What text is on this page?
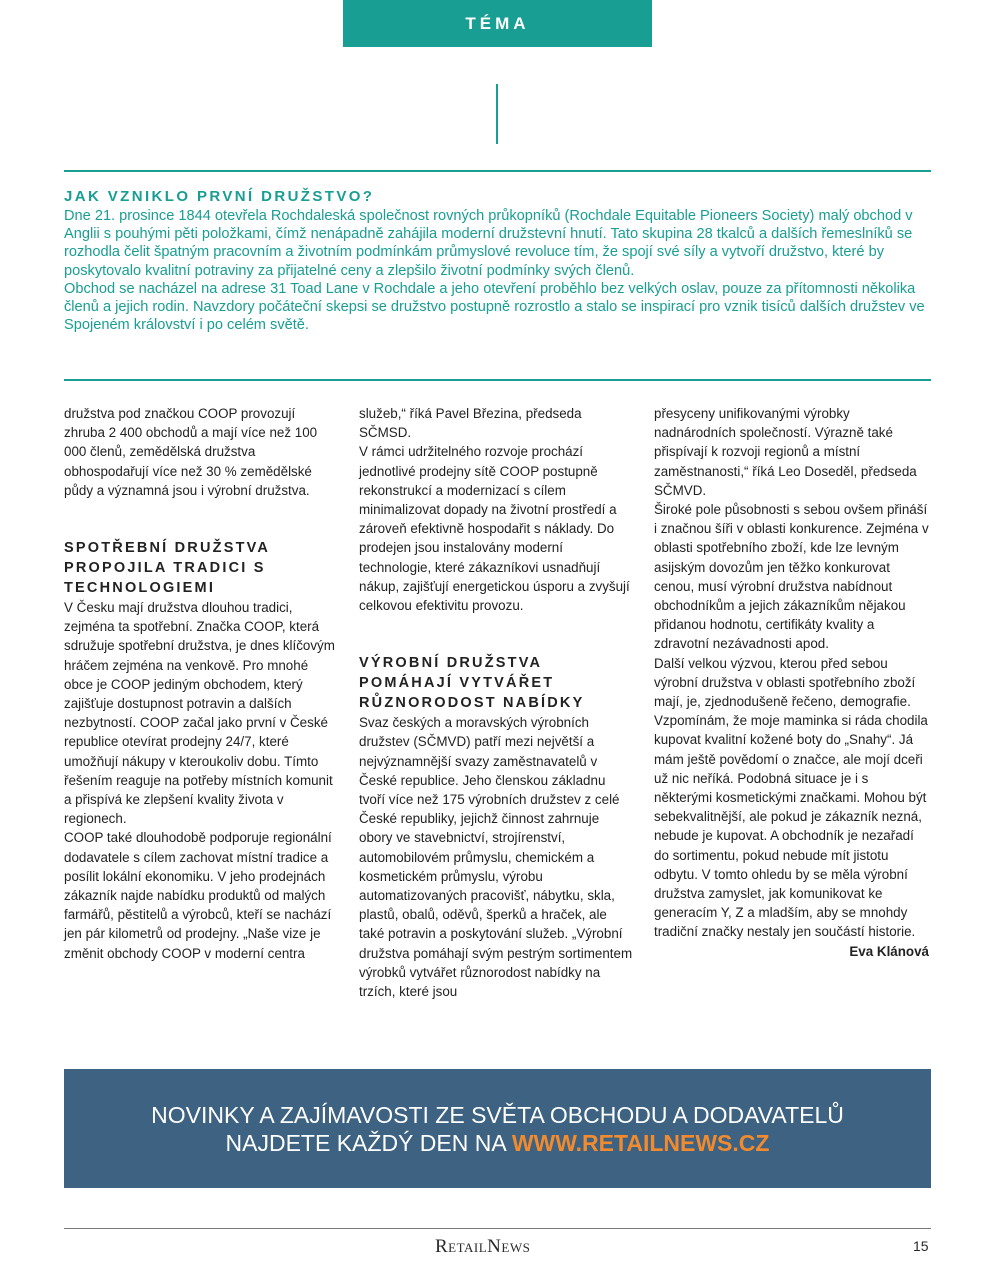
TÉMA
JAK VZNIKLO PRVNÍ DRUŽSTVO?

Dne 21. prosince 1844 otevřela Rochdaleská společnost rovných průkopníků (Rochdale Equitable Pioneers Society) malý obchod v Anglii s pouhými pěti položkami, čímž nenápadně zahájila moderní družstevní hnutí. Tato skupina 28 tkalců a dalších řemeslníků se rozhodla čelit špatným pracovním a životním podmínkám průmyslové revoluce tím, že spojí své síly a vytvoří družstvo, které by poskytovalo kvalitní potraviny za přijatelné ceny a zlepšilo životní podmínky svých členů.

Obchod se nacházel na adrese 31 Toad Lane v Rochdale a jeho otevření proběhlo bez velkých oslav, pouze za přítomnosti několika členů a jejich rodin. Navzdory počáteční skepsi se družstvo postupně rozrostlo a stalo se inspirací pro vznik tisíců dalších družstev ve Spojeném království i po celém světě.

družstva pod značkou COOP provozují zhruba 2 400 obchodů a mají více než 100 000 členů, zemědělská družstva obhospodařují více než 30 % zemědělské půdy a významná jsou i výrobní družstva.

SPOTŘEBNÍ DRUŽSTVA PROPOJILA TRADICI S TECHNOLOGIEMI

V Česku mají družstva dlouhou tradici, zejména ta spotřební. Značka COOP, která sdružuje spotřební družstva, je dnes klíčovým hráčem zejména na venkově. Pro mnohé obce je COOP jediným obchodem, který zajišťuje dostupnost potravin a dalších nezbytností. COOP začal jako první v České republice otevírat prodejny 24/7, které umožňují nákupy v kteroukoliv dobu. Tímto řešením reaguje na potřeby místních komunit a přispívá ke zlepšení kvality života v regionech.

COOP také dlouhodobě podporuje regionální dodavatele s cílem zachovat místní tradice a posílit lokální ekonomiku. V jeho prodejnách zákazník najde nabídku produktů od malých farmářů, pěstitelů a výrobců, kteří se nachází jen pár kilometrů od prodejny. „Naše vize je změnit obchody COOP v moderní centra

služeb,“ říká Pavel Březina, předseda SČMSD.

V rámci udržitelného rozvoje prochází jednotlivé prodejny sítě COOP postupně rekonstrukcí a modernizací s cílem minimalizovat dopady na životní prostředí a zároveň efektivně hospodařit s náklady. Do prodejen jsou instalovány moderní technologie, které zákazníkovi usnadňují nákup, zajišťují energetickou úsporu a zvyšují celkovou efektivitu provozu.

VÝROBNÍ DRUŽSTVA POMÁHAJÍ VYTVÁŘET RŮZNORODOST NABÍDKY

Svaz českých a moravských výrobních družstev (SČMVD) patří mezi největší a nejvýznamnější svazy zaměstnavatelů v České republice. Jeho členskou základnu tvoří více než 175 výrobních družstev z celé České republiky, jejichž činnost zahrnuje obory ve stavebnictví, strojírenství, automobilovém průmyslu, chemickém a kosmetickém průmyslu, výrobu automatizovaných pracovišť, nábytku, skla, plastů, obalů, oděvů, šperků a hraček, ale také potravin a poskytování služeb. „Výrobní družstva pomáhají svým pestrým sortimentem výrobků vytvářet různorodost nabídky na trzích, které jsou

přesyceny unifikovanými výrobky nadnárodních společností. Výrazně také přispívají k rozvoji regionů a místní zaměstnanosti,“ říká Leo Doseděl, předseda SČMVD.

Široké pole působnosti s sebou ovšem přináší i značnou šíři v oblasti konkurence. Zejména v oblasti spotřebního zboží, kde lze levným asijským dovozům jen těžko konkurovat cenou, musí výrobní družstva nabídnout obchodníkům a jejich zákazníkům nějakou přidanou hodnotu, certifikáty kvality a zdravotní nezávadnosti apod.

Další velkou výzvou, kterou před sebou výrobní družstva v oblasti spotřebního zboží mají, je, zjednodušeně řečeno, demografie. Vzpomínám, že moje maminka si ráda chodila kupovat kvalitní kožené boty do „Snahy“. Já mám ještě povědomí o značce, ale mojí dceři už nic neříká. Podobná situace je i s některými kosmetickými značkami. Mohou být sebekvalitnější, ale pokud je zákazník nezná, nebude je kupovat. A obchodník je nezařadí do sortimentu, pokud nebude mít jistotu odbytu. V tomto ohledu by se měla výrobní družstva zamyslet, jak komunikovat ke generacím Y, Z a mladším, aby se mnohdy tradiční značky nestaly jen součástí historie.

Eva Klánová

NOVINKY A ZAJÍMAVOSTI ZE SVĚTA OBCHODU A DODAVATELŮ
NAJDETE KAŽDÝ DEN NA WWW.RETAILNEWS.CZ
RetailNews	15
